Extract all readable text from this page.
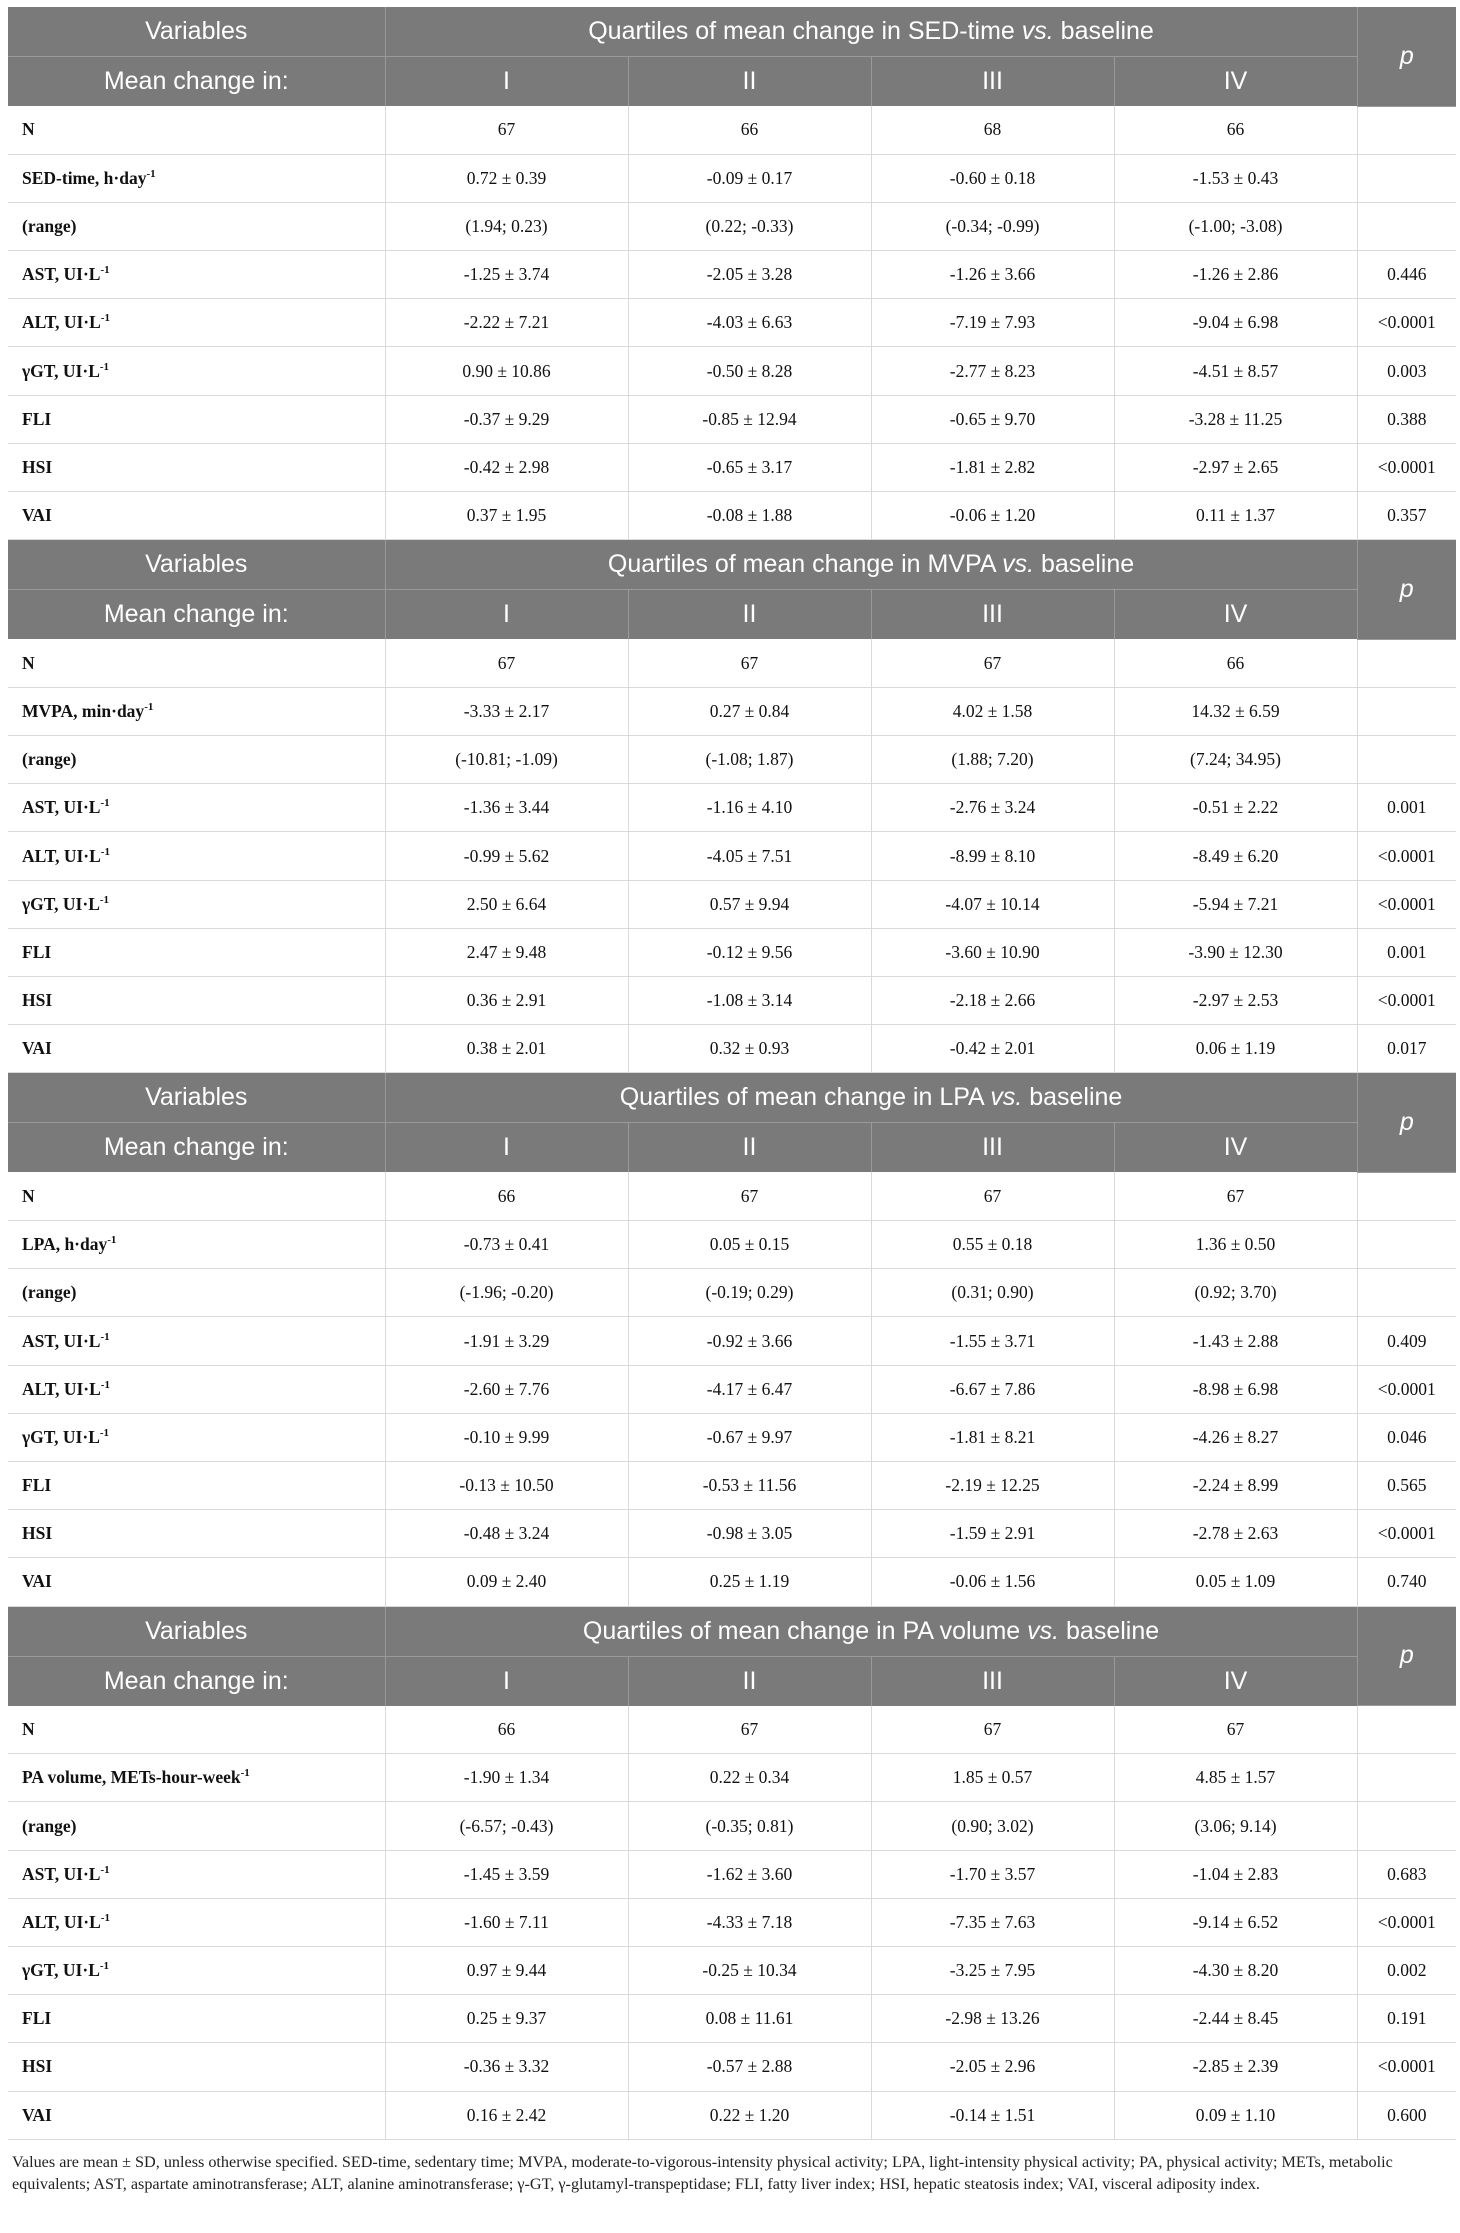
Variables	Quartiles of mean change in SED-time vs. baseline				p
Mean change in:	I	II	III	IV	
N	67	66	68	66	
SED-time, h·day$^{-1}$	0.72 ± 0.39	-0.09 ± 0.17	-0.60 ± 0.18	-1.53 ± 0.43	
(range)	(1.94; 0.23)	(0.22; -0.33)	(-0.34; -0.99)	(-1.00; -3.08)	
AST, $UI\cdot L^{-1}$	-1.25 ± 3.74	-2.05 ± 3.28	-1.26 ± 3.66	-1.26 ± 2.86	0.446
ALT, $UI\cdot L^{-1}$	-2.22 ± 7.21	-4.03 ± 6.63	-7.19 ± 7.93	-9.04 ± 6.98	<0.0001
γGT, $UI\cdot L^{-1}$	0.90 ± 10.86	-0.50 ± 8.28	-2.77 ± 8.23	-4.51 ± 8.57	0.003
FLI	-0.37 ± 9.29	-0.85 ± 12.94	-0.65 ± 9.70	-3.28 ± 11.25	0.388
HSI	-0.42 ± 2.98	-0.65 ± 3.17	-1.81 ± 2.82	-2.97 ± 2.65	<0.0001
VAI	0.37 ± 1.95	-0.08 ± 1.88	-0.06 ± 1.20	0.11 ± 1.37	0.357
Variables	Quartiles of mean change in MVPA vs. baseline				p
Mean change in:	I	II	III	IV	
N	67	67	67	66	
MVPA, min·day$^{-1}$	-3.33 ± 2.17	0.27 ± 0.84	4.02 ± 1.58	14.32 ± 6.59	
(range)	(-10.81; -1.09)	(-1.08; 1.87)	(1.88; 7.20)	(7.24; 34.95)	
AST, $UI\cdot L^{-1}$	-1.36 ± 3.44	-1.16 ± 4.10	-2.76 ± 3.24	-0.51 ± 2.22	0.001
ALT, $UI\cdot L^{-1}$	-0.99 ± 5.62	-4.05 ± 7.51	-8.99 ± 8.10	-8.49 ± 6.20	<0.0001
γGT, $UI\cdot L^{-1}$	2.50 ± 6.64	0.57 ± 9.94	-4.07 ± 10.14	-5.94 ± 7.21	<0.0001
FLI	2.47 ± 9.48	-0.12 ± 9.56	-3.60 ± 10.90	-3.90 ± 12.30	0.001
HSI	0.36 ± 2.91	-1.08 ± 3.14	-2.18 ± 2.66	-2.97 ± 2.53	<0.0001
VAI	0.38 ± 2.01	0.32 ± 0.93	-0.42 ± 2.01	0.06 ± 1.19	0.017
Variables	Quartiles of mean change in LPA vs. baseline				p
Mean change in:	I	II	III	IV	
N	66	67	67	67	
LPA, h·day$^{-1}$	-0.73 ± 0.41	0.05 ± 0.15	0.55 ± 0.18	1.36 ± 0.50	
(range)	(-1.96; -0.20)	(-0.19; 0.29)	(0.31; 0.90)	(0.92; 3.70)	
AST, $UI\cdot L^{-1}$	-1.91 ± 3.29	-0.92 ± 3.66	-1.55 ± 3.71	-1.43 ± 2.88	0.409
ALT, $UI\cdot L^{-1}$	-2.60 ± 7.76	-4.17 ± 6.47	-6.67 ± 7.86	-8.98 ± 6.98	<0.0001
γGT, $UI\cdot L^{-1}$	-0.10 ± 9.99	-0.67 ± 9.97	-1.81 ± 8.21	-4.26 ± 8.27	0.046
FLI	-0.13 ± 10.50	-0.53 ± 11.56	-2.19 ± 12.25	-2.24 ± 8.99	0.565
HSI	-0.48 ± 3.24	-0.98 ± 3.05	-1.59 ± 2.91	-2.78 ± 2.63	<0.0001
VAI	0.09 ± 2.40	0.25 ± 1.19	-0.06 ± 1.56	0.05 ± 1.09	0.740
Variables	Quartiles of mean change in PA volume vs. baseline				p
Mean change in:	I	II	III	IV	
N	66	67	67	67	
PA volume, METs-hour-week$^{-1}$	-1.90 ± 1.34	0.22 ± 0.34	1.85 ± 0.57	4.85 ± 1.57	
(range)	(-6.57; -0.43)	(-0.35; 0.81)	(0.90; 3.02)	(3.06; 9.14)	
AST, $UI\cdot L^{-1}$	-1.45 ± 3.59	-1.62 ± 3.60	-1.70 ± 3.57	-1.04 ± 2.83	0.683
ALT, $UI\cdot L^{-1}$	-1.60 ± 7.11	-4.33 ± 7.18	-7.35 ± 7.63	-9.14 ± 6.52	<0.0001
γGT, $UI\cdot L^{-1}$	0.97 ± 9.44	-0.25 ± 10.34	-3.25 ± 7.95	-4.30 ± 8.20	0.002
FLI	0.25 ± 9.37	0.08 ± 11.61	-2.98 ± 13.26	-2.44 ± 8.45	0.191
HSI	-0.36 ± 3.32	-0.57 ± 2.88	-2.05 ± 2.96	-2.85 ± 2.39	<0.0001
VAI	0.16 ± 2.42	0.22 ± 1.20	-0.14 ± 1.51	0.09 ± 1.10	0.600
Values are mean ± SD, unless otherwise specified. SED-time, sedentary time; MVPA, moderate-to-vigorous-intensity physical activity; LPA, light-intensity physical activity; PA, physical activity; METs, metabolic equivalents; AST, aspartate aminotransferase; ALT, alanine aminotransferase; γ-GT, γ-glutamyl-transpeptidase; FLI, fatty liver index; HSI, hepatic steatosis index; VAI, visceral adiposity index.
